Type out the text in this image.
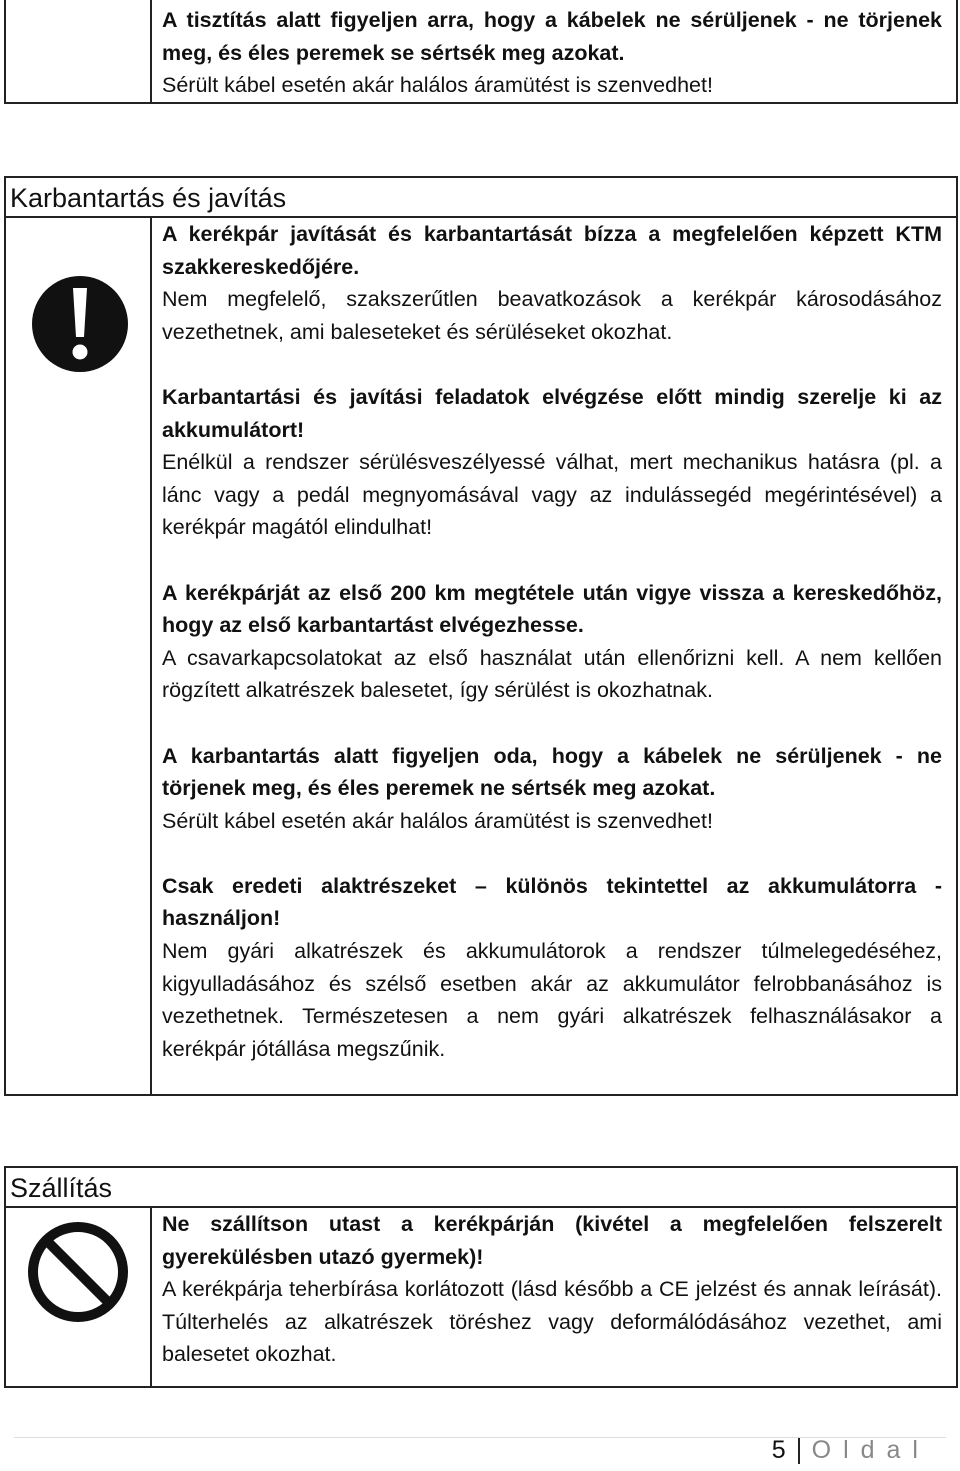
A tisztítás alatt figyeljen arra, hogy a kábelek ne sérüljenek - ne törjenek meg, és éles peremek se sértsék meg azokat.

Sérült kábel esetén akár halálos áramütést is szenvedhet!

Karbantartás és javítás

A kerékpár javítását és karbantartását bízza a megfelelően képzett KTM szakkereskedőjére.

Nem megfelelő, szakszerűtlen beavatkozások a kerékpár károsodásához vezethetnek, ami baleseteket és sérüléseket okozhat.

Karbantartási és javítási feladatok elvégzése előtt mindig szerelje ki az akkumulátort!

Enélkül a rendszer sérülésveszélyessé válhat, mert mechanikus hatásra (pl. a lánc vagy a pedál megnyomásával vagy az indulássegéd megérintésével) a kerékpár magától elindulhat!

A kerékpárját az első 200 km megtétele után vigye vissza a kereskedőhöz, hogy az első karbantartást elvégezhesse.

A csavarkapcsolatokat az első használat után ellenőrizni kell. A nem kellően rögzített alkatrészek balesetet, így sérülést is okozhatnak.

A karbantartás alatt figyeljen oda, hogy a kábelek ne sérüljenek - ne törjenek meg, és éles peremek ne sértsék meg azokat.

Sérült kábel esetén akár halálos áramütést is szenvedhet!

Csak eredeti alaktrészeket – különös tekintettel az akkumulátorra - használjon!

Nem gyári alkatrészek és akkumulátorok a rendszer túlmelegedéséhez, kigyulladásához és szélső esetben akár az akkumulátor felrobbanásához is vezethetnek. Természetesen a nem gyári alkatrészek felhasználásakor a kerékpár jótállása megszűnik.

Szállítás

Ne szállítson utast a kerékpárján (kivétel a megfelelően felszerelt gyerekülésben utazó gyermek)!

A kerékpárja teherbírása korlátozott (lásd később a CE jelzést és annak leírását). Túlterhelés az alkatrészek töréshez vagy deformálódásához vezethet, ami balesetet okozhat.

5 Oldal
